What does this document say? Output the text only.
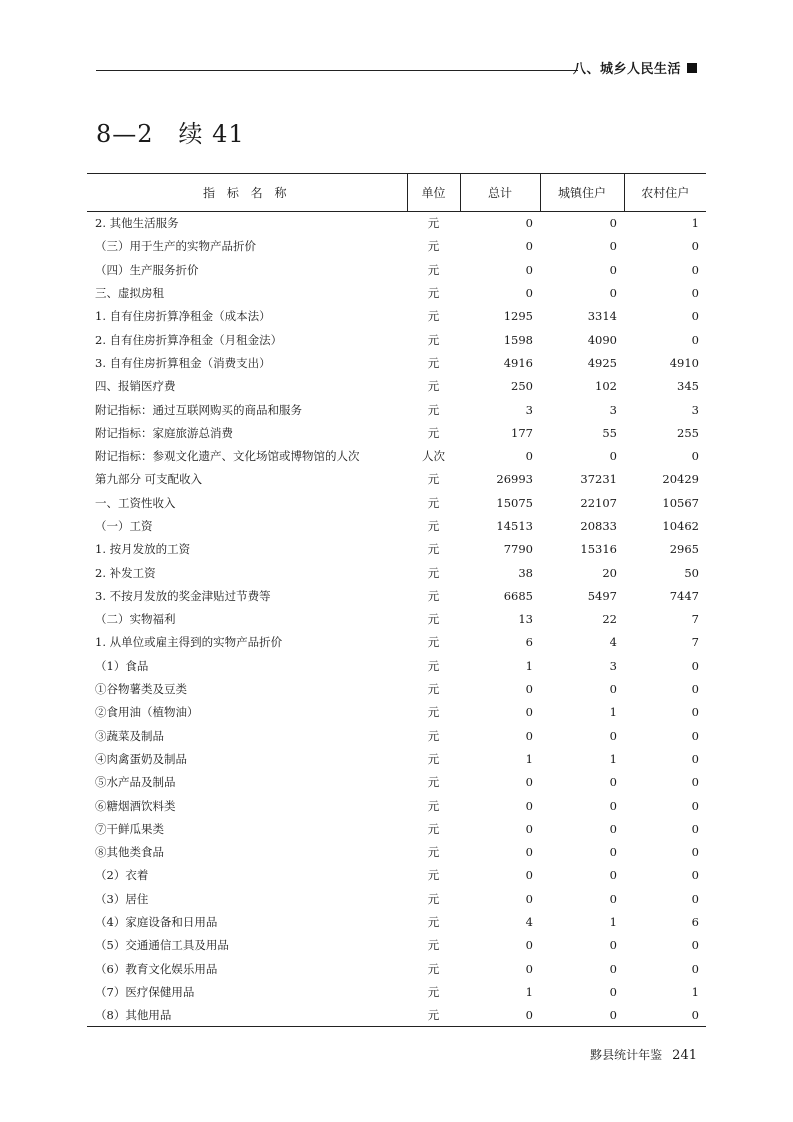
八、城乡人民生活
8—2　续 41
指 标 名 称	单位	总计	城镇住户	农村住户
2. 其他生活服务	元	0	0	1
（三）用于生产的实物产品折价	元	0	0	0
（四）生产服务折价	元	0	0	0
三、虚拟房租	元	0	0	0
1. 自有住房折算净租金（成本法）	元	1295	3314	0
2. 自有住房折算净租金（月租金法）	元	1598	4090	0
3. 自有住房折算租金（消费支出）	元	4916	4925	4910
四、报销医疗费	元	250	102	345
附记指标：通过互联网购买的商品和服务	元	3	3	3
附记指标：家庭旅游总消费	元	177	55	255
附记指标：参观文化遗产、文化场馆或博物馆的人次	人次	0	0	0
第九部分 可支配收入	元	26993	37231	20429
一、工资性收入	元	15075	22107	10567
（一）工资	元	14513	20833	10462
1. 按月发放的工资	元	7790	15316	2965
2. 补发工资	元	38	20	50
3. 不按月发放的奖金津贴过节费等	元	6685	5497	7447
（二）实物福利	元	13	22	7
1. 从单位或雇主得到的实物产品折价	元	6	4	7
（1）食品	元	1	3	0
①谷物薯类及豆类	元	0	0	0
②食用油（植物油）	元	0	1	0
③蔬菜及制品	元	0	0	0
④肉禽蛋奶及制品	元	1	1	0
⑤水产品及制品	元	0	0	0
⑥糖烟酒饮料类	元	0	0	0
⑦干鲜瓜果类	元	0	0	0
⑧其他类食品	元	0	0	0
（2）衣着	元	0	0	0
（3）居住	元	0	0	0
（4）家庭设备和日用品	元	4	1	6
（5）交通通信工具及用品	元	0	0	0
（6）教育文化娱乐用品	元	0	0	0
（7）医疗保健用品	元	1	0	1
（8）其他用品	元	0	0	0
黟县统计年鉴 241
